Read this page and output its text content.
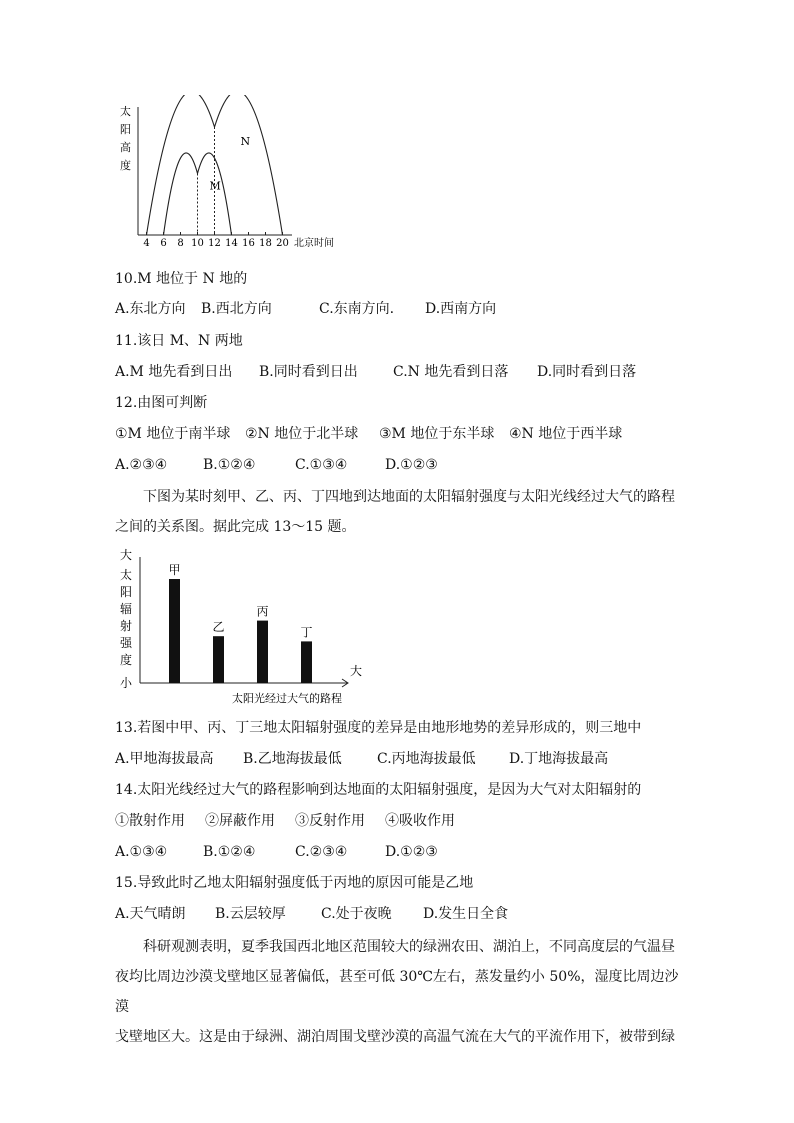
太
阳
高
度
4 6 8 10 12 14 16 18 20
N
M
北京时间
10.M 地位于 N 地的
A.东北方向 B.西北方向	C.东南方向. D.西南方向
11.该日 M、N 两地
A.M 地先看到日出 B.同时看到日出	C.N 地先看到日落 D.同时看到日落
12.由图可判断
①M 地位于南半球 ②N 地位于北半球 ③M 地位于东半球 ④N 地位于西半球
A.②③④	B.①②④	C.①③④	D.①②③
下图为某时刻甲、乙、丙、丁四地到达地面的太阳辐射强度与太阳光线经过大气的路程
之间的关系图。据此完成 13～15 题。
大
太
阳
辐
射
强
度
小
大
甲
乙
丙
丁
太阳光经过大气的路程
13.若图中甲、丙、丁三地太阳辐射强度的差异是由地形地势的差异形成的，则三地中
A.甲地海拔最高 B.乙地海拔最低	C.丙地海拔最低 D.丁地海拔最高
14.太阳光线经过大气的路程影响到达地面的太阳辐射强度，是因为大气对太阳辐射的
①散射作用 ②屏蔽作用 ③反射作用 ④吸收作用
A.①③④	B.①②④	C.②③④	D.①②③
15.导致此时乙地太阳辐射强度低于丙地的原因可能是乙地
A.天气晴朗 B.云层较厚	C.处于夜晚 D.发生日全食
科研观测表明，夏季我国西北地区范围较大的绿洲农田、湖泊上，不同高度层的气温昼
夜均比周边沙漠戈壁地区显著偏低，甚至可低 30℃左右，蒸发量约小 50%，湿度比周边沙漠
戈壁地区大。这是由于绿洲、湖泊周围戈壁沙漠的高温气流在大气的平流作用下，被带到绿
